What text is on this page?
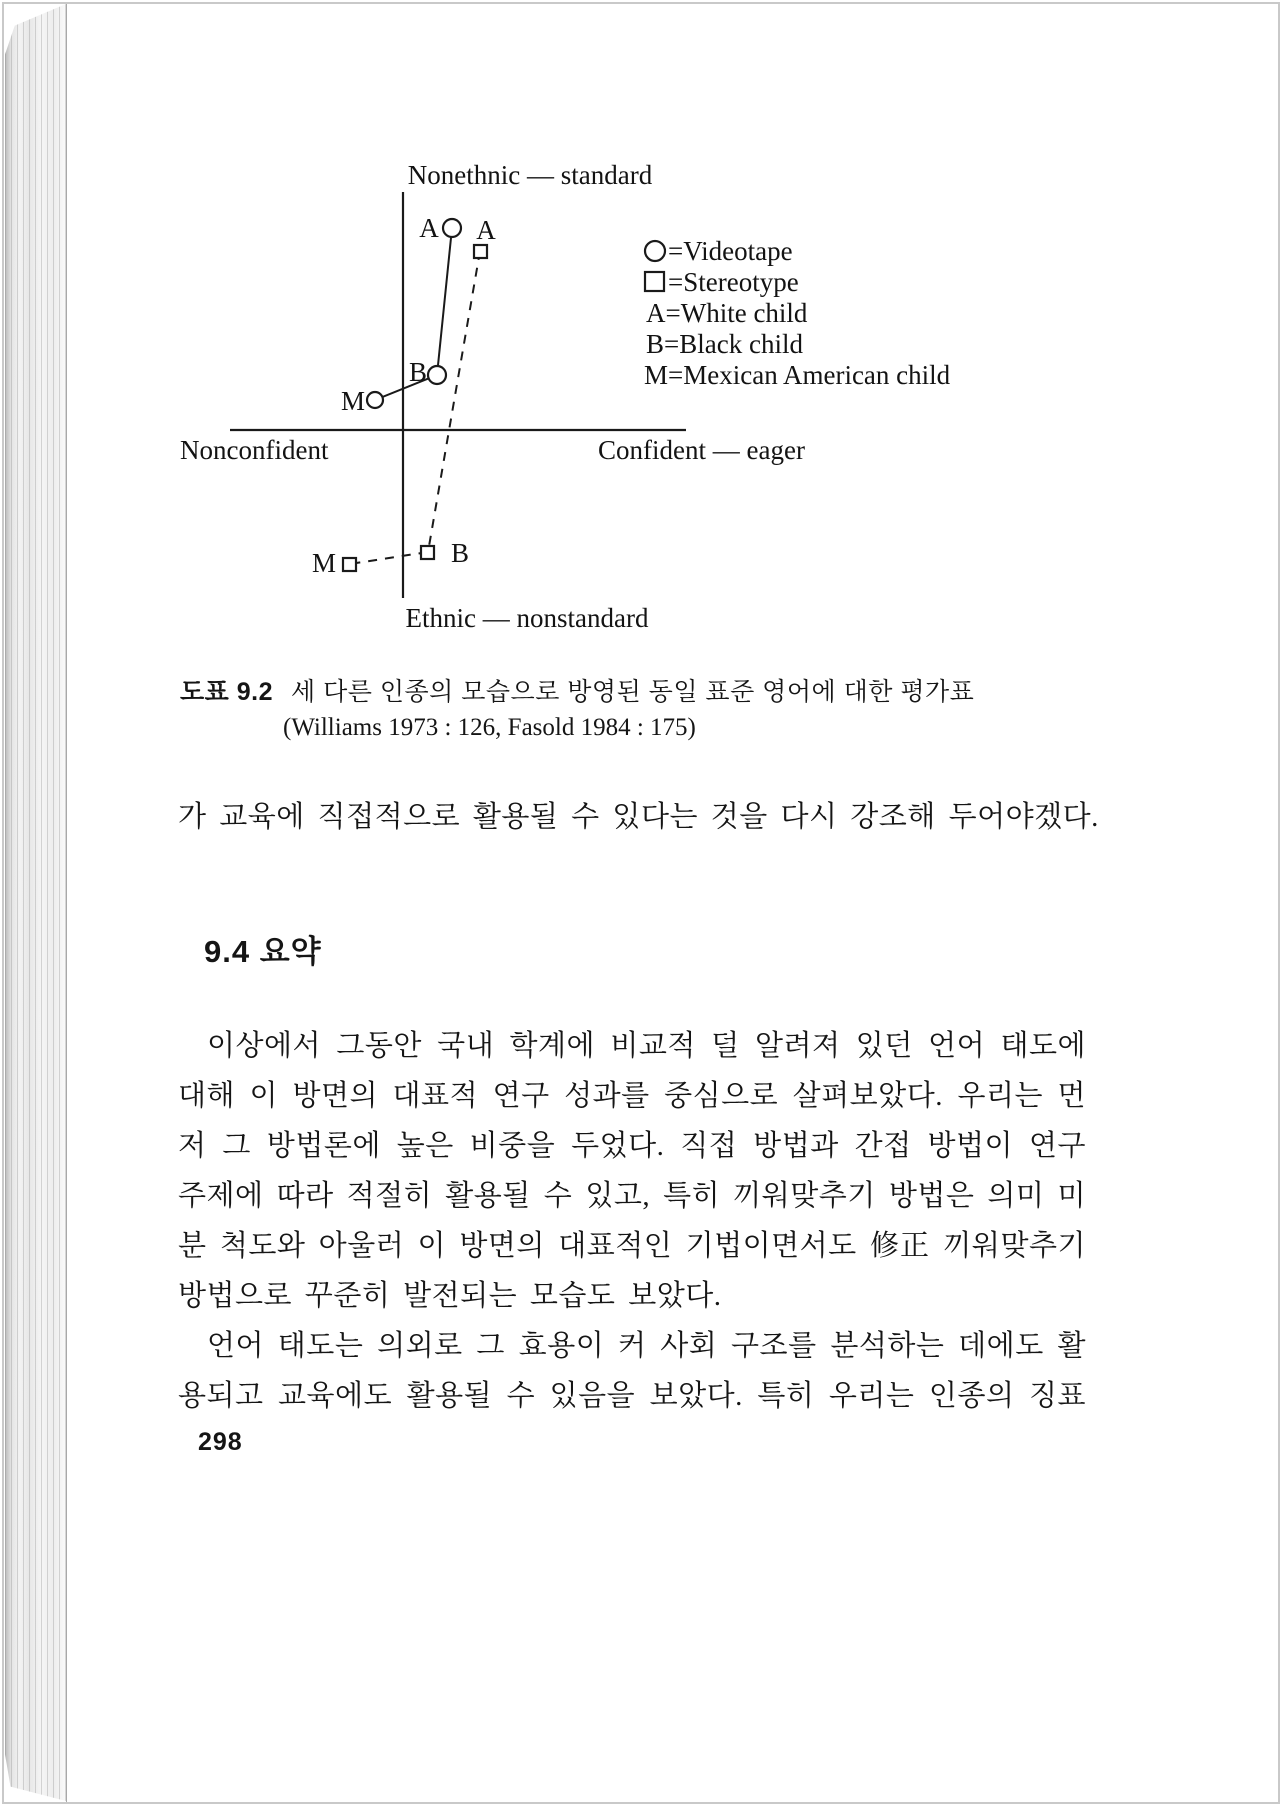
A A
B
M
B
M
Nonethnic — standard
Ethnic — nonstandard
Nonconfident	Confident — eager
=Videotape
=Stereotype
A=White child
B=Black child
M=Mexican American child
도표 9.2 세 다른 인종의 모습으로 방영된 동일 표준 영어에 대한 평가표
(Williams 1973 : 126, Fasold 1984 : 175)
가 교육에 직접적으로 활용될 수 있다는 것을 다시 강조해 두어야겠다.
9.4 요약
이상에서 그동안 국내 학계에 비교적 덜 알려져 있던 언어 태도에
대해 이 방면의 대표적 연구 성과를 중심으로 살펴보았다. 우리는 먼
저 그 방법론에 높은 비중을 두었다. 직접 방법과 간접 방법이 연구
주제에 따라 적절히 활용될 수 있고, 특히 끼워맞추기 방법은 의미 미
분 척도와 아울러 이 방면의 대표적인 기법이면서도 修正 끼워맞추기
방법으로 꾸준히 발전되는 모습도 보았다.
언어 태도는 의외로 그 효용이 커 사회 구조를 분석하는 데에도 활
용되고 교육에도 활용될 수 있음을 보았다. 특히 우리는 인종의 징표
298
